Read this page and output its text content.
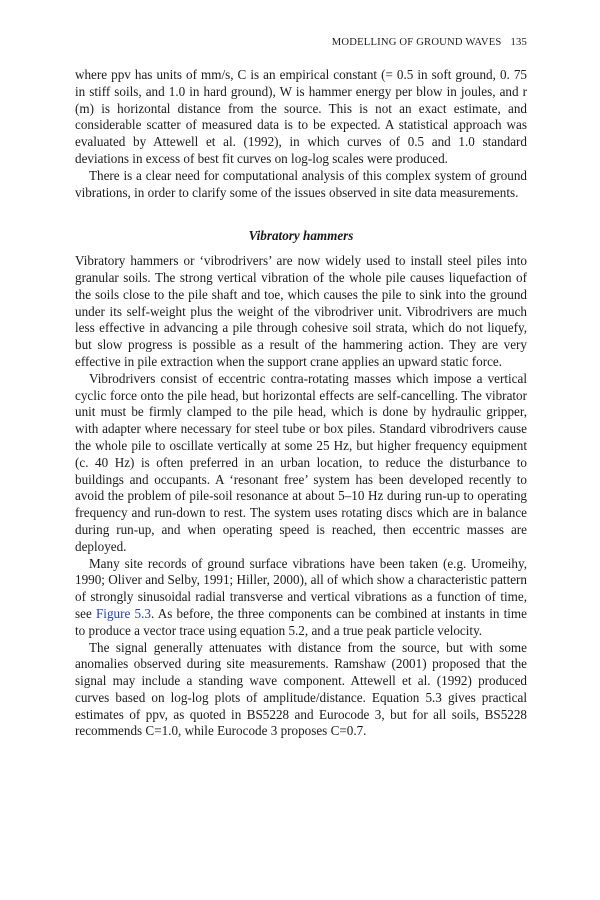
MODELLING OF GROUND WAVES 135

where ppv has units of mm/s, C is an empirical constant (= 0.5 in soft ground, 0. 75 in stiff soils, and 1.0 in hard ground), W is hammer energy per blow in joules, and r (m) is horizontal distance from the source. This is not an exact estimate, and considerable scatter of measured data is to be expected. A statistical approach was evaluated by Attewell et al. (1992), in which curves of 0.5 and 1.0 standard deviations in excess of best fit curves on log-log scales were produced.

There is a clear need for computational analysis of this complex system of ground vibrations, in order to clarify some of the issues observed in site data measurements.

Vibratory hammers

Vibratory hammers or ‘vibrodrivers’ are now widely used to install steel piles into granular soils. The strong vertical vibration of the whole pile causes liquefaction of the soils close to the pile shaft and toe, which causes the pile to sink into the ground under its self-weight plus the weight of the vibrodriver unit. Vibrodrivers are much less effective in advancing a pile through cohesive soil strata, which do not liquefy, but slow progress is possible as a result of the hammering action. They are very effective in pile extraction when the support crane applies an upward static force.

Vibrodrivers consist of eccentric contra-rotating masses which impose a vertical cyclic force onto the pile head, but horizontal effects are self-cancelling. The vibrator unit must be firmly clamped to the pile head, which is done by hydraulic gripper, with adapter where necessary for steel tube or box piles. Standard vibrodrivers cause the whole pile to oscillate vertically at some 25 Hz, but higher frequency equipment (c. 40 Hz) is often preferred in an urban location, to reduce the disturbance to buildings and occupants. A ‘resonant free’ system has been developed recently to avoid the problem of pile-soil resonance at about 5–10 Hz during run-up to operating frequency and run-down to rest. The system uses rotating discs which are in balance during run-up, and when operating speed is reached, then eccentric masses are deployed.

Many site records of ground surface vibrations have been taken (e.g. Uromeihy, 1990; Oliver and Selby, 1991; Hiller, 2000), all of which show a characteristic pattern of strongly sinusoidal radial transverse and vertical vibrations as a function of time, see Figure 5.3. As before, the three components can be combined at instants in time to produce a vector trace using equation 5.2, and a true peak particle velocity.

The signal generally attenuates with distance from the source, but with some anomalies observed during site measurements. Ramshaw (2001) proposed that the signal may include a standing wave component. Attewell et al. (1992) produced curves based on log-log plots of amplitude/distance. Equation 5.3 gives practical estimates of ppv, as quoted in BS5228 and Eurocode 3, but for all soils, BS5228 recommends C=1.0, while Eurocode 3 proposes C=0.7.
